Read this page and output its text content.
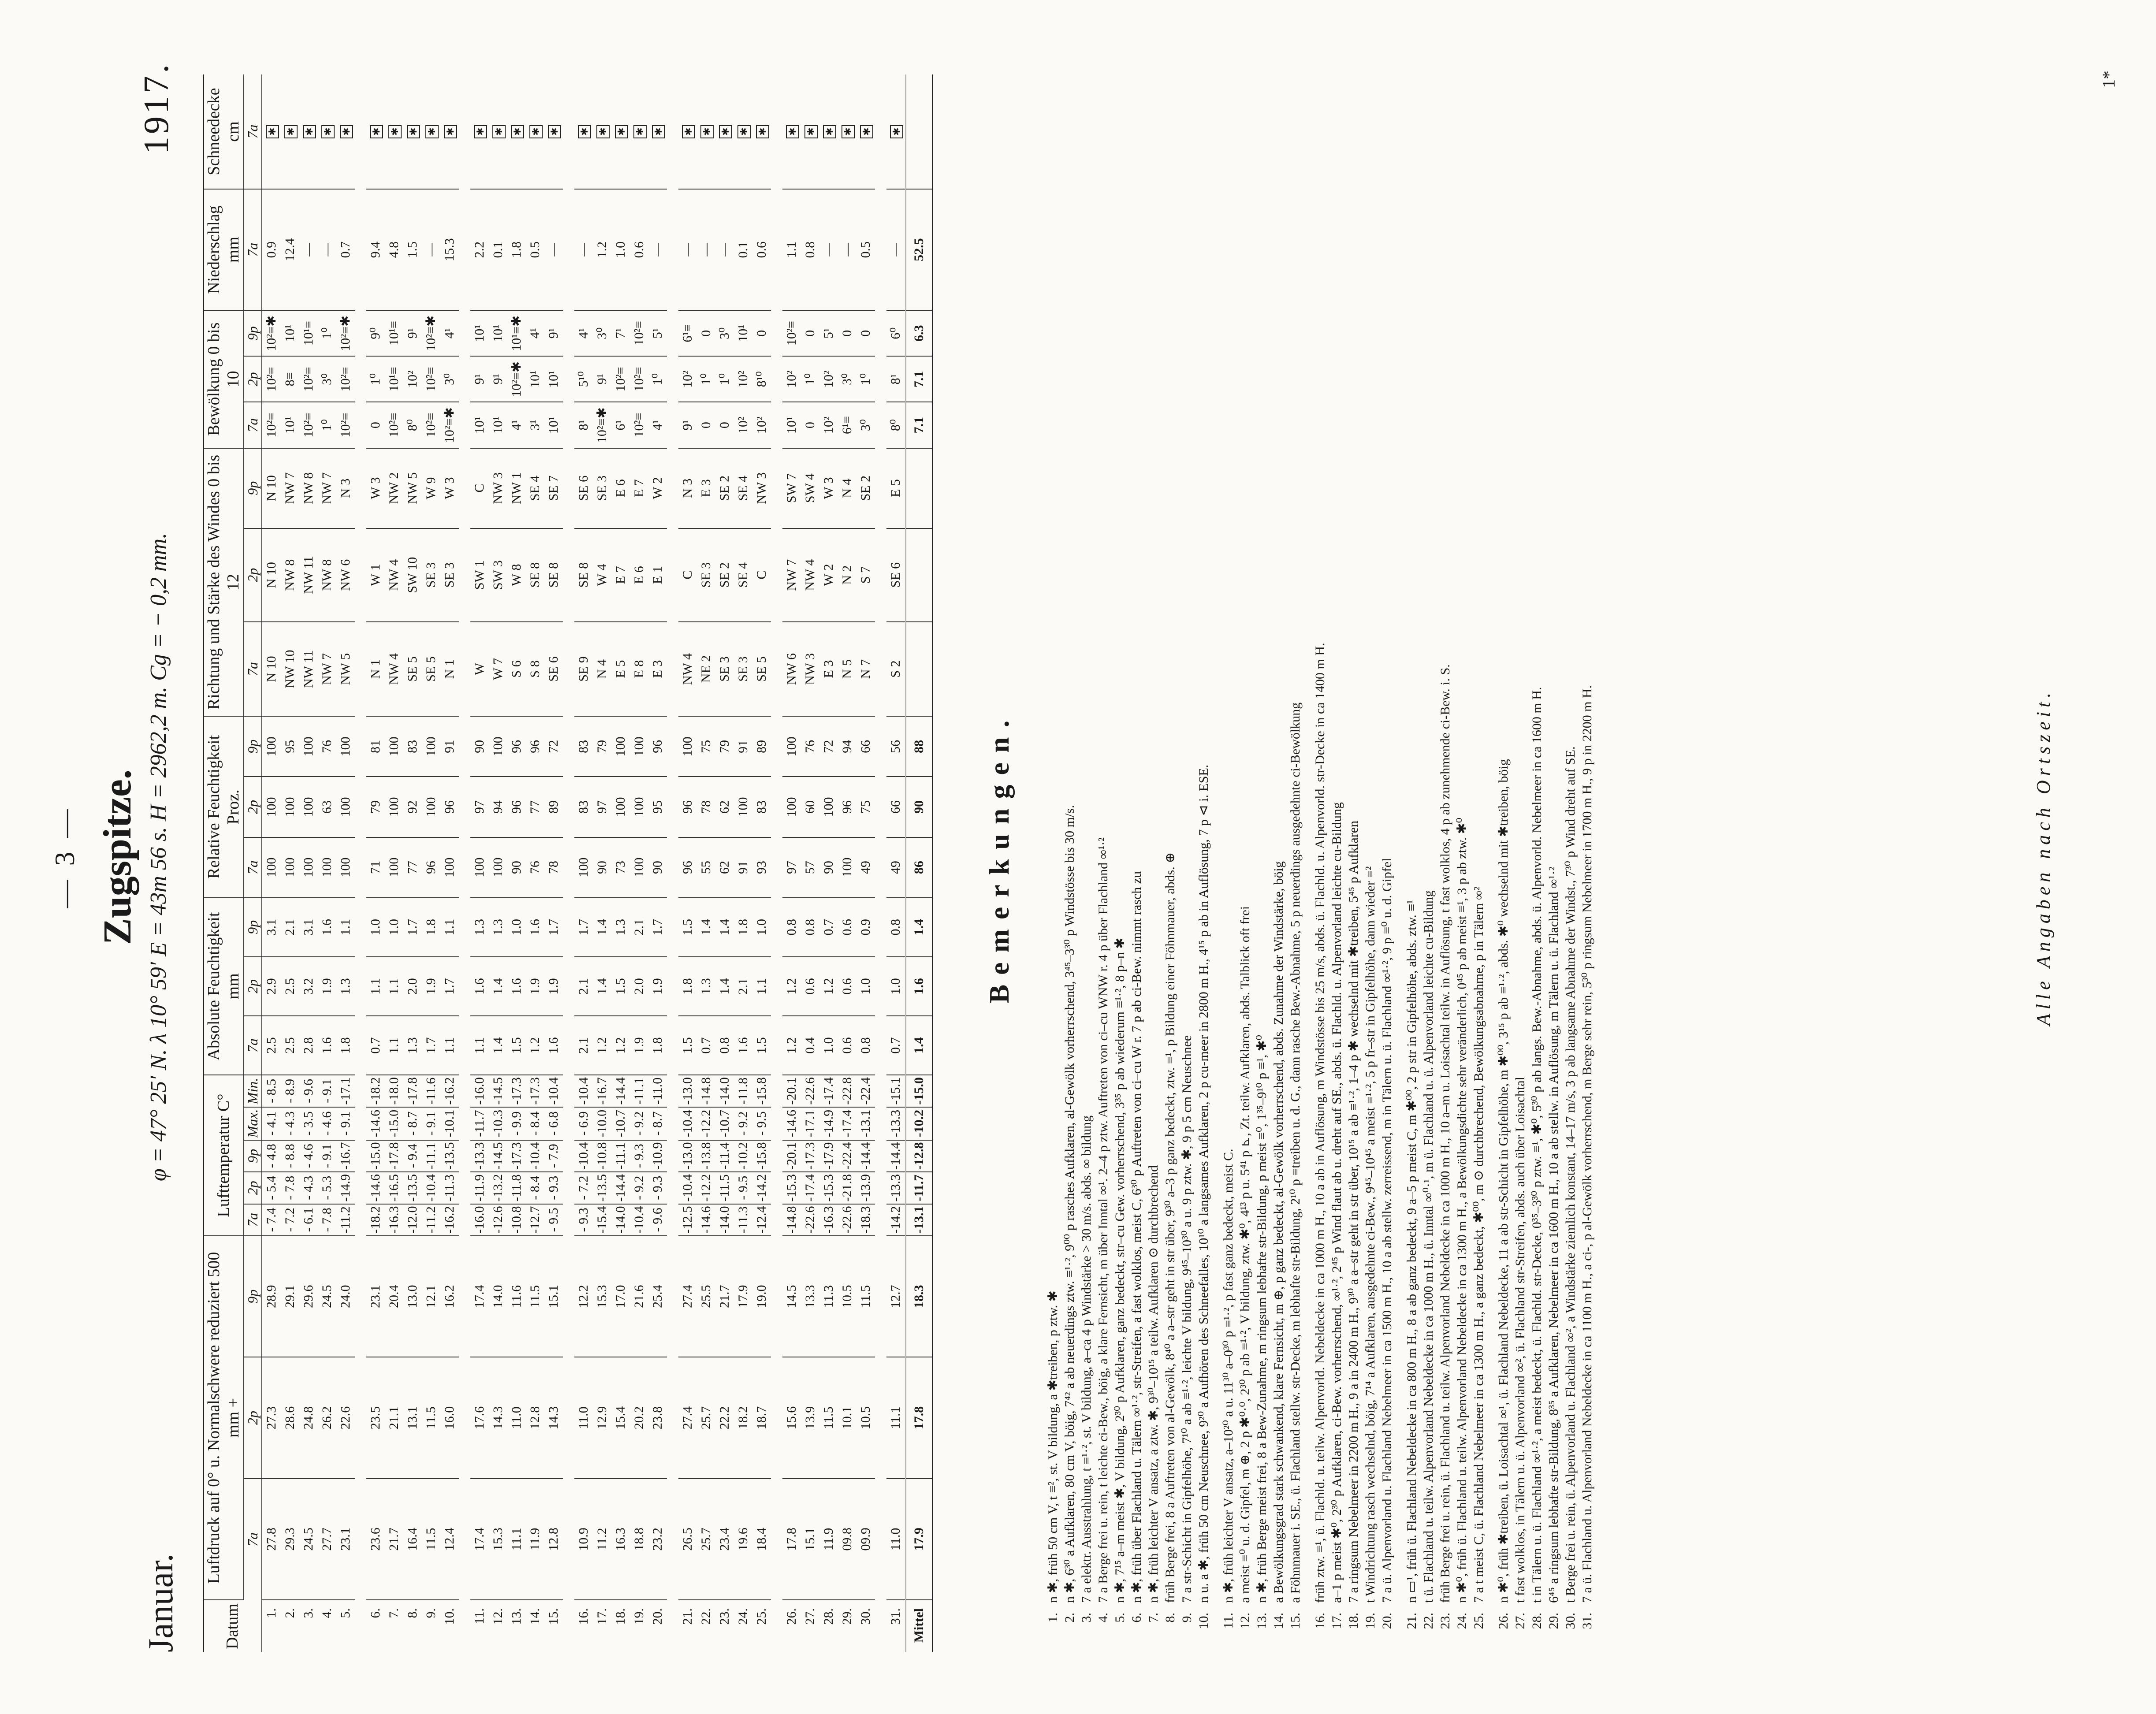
— 3 —
Januar.
Zugspitze.
1917.
φ = 47° 25′ N. λ 10° 59′ E = 43m 56 s. H = 2962,2 m. Cg = − 0,2 mm.
Datum	Luftdruck auf 0° u. Normalschwere reduziert 500 mm +			Lufttemperatur C°					Absolute Feuchtigkeit mm			Relative Feuchtigkeit Proz.			Richtung und Stärke des Windes 0 bis 12			Bewölkung 0 bis 10			Niederschlag mm	Schneedecke cm
	7a	2p	9p	7a	2p	9p	Max.	Min.	7a	2p	9p	7a	2p	9p	7a	2p	9p	7a	2p	9p	7a	7a
1.	27.8	27.3	28.9	- 7.4	- 5.4	- 4.8	- 4.1	- 8.5	2.5	2.9	3.1	100	100	100	N 10	N 10	N 10	10²≡	10²≡	10²≡✱	0.9	✱
2.	29.3	28.6	29.1	- 7.2	- 7.8	- 8.8	- 4.3	- 8.9	2.5	2.5	2.1	100	100	95	NW 10	NW 8	NW 7	10¹	8≡	10¹	12.4	✱
3.	24.5	24.8	29.6	- 6.1	- 4.3	- 4.6	- 3.5	- 9.6	2.8	3.2	3.1	100	100	100	NW 11	NW 11	NW 8	10²≡	10²≡	10¹≡	—	✱
4.	27.7	26.2	24.5	- 7.8	- 5.3	- 9.1	- 4.6	- 9.1	1.6	1.9	1.6	100	63	76	NW 7	NW 8	NW 7	1⁰	3⁰	1⁰	—	✱
5.	23.1	22.6	24.0	-11.2	-14.9	-16.7	- 9.1	-17.1	1.8	1.3	1.1	100	100	100	NW 5	NW 6	N 3	10²≡	10²≡	10²≡✱	0.7	✱

6.	23.6	23.5	23.1	-18.2	-14.6	-15.0	-14.6	-18.2	0.7	1.1	1.0	71	79	81	N 1	W 1	W 3	0	1⁰	9⁰	9.4	✱
7.	21.7	21.1	20.4	-16.3	-16.5	-17.8	-15.0	-18.0	1.1	1.1	1.0	100	100	100	NW 4	NW 4	NW 2	10²≡	10¹≡	10¹≡	4.8	✱
8.	16.4	13.1	13.0	-12.0	-13.5	- 9.4	- 8.7	-17.8	1.3	2.0	1.7	77	92	83	SE 5	SW 10	NW 5	8⁰	10²	9¹	1.5	✱
9.	11.5	11.5	12.1	-11.2	-10.4	-11.1	- 9.1	-11.6	1.7	1.9	1.8	96	100	100	SE 5	SE 3	W 9	10²≡	10²≡	10²≡✱	—	✱
10.	12.4	16.0	16.2	-16.2	-11.3	-13.5	-10.1	-16.2	1.1	1.7	1.1	100	96	91	N 1	SE 3	W 3	10²≡✱	3⁰	4¹	15.3	✱

11.	17.4	17.6	17.4	-16.0	-11.9	-13.3	-11.7	-16.0	1.1	1.6	1.3	100	97	90	W	SW 1	C	10¹	9¹	10¹	2.2	✱
12.	15.3	14.3	14.0	-12.6	-13.2	-14.5	-10.3	-14.5	1.4	1.4	1.3	100	94	100	W 7	SW 3	NW 3	10¹	9¹	10¹	0.1	✱
13.	11.1	11.0	11.6	-10.8	-11.8	-17.3	- 9.9	-17.3	1.5	1.6	1.0	90	96	96	S 6	W 8	NW 1	4¹	10²≡✱	10¹≡✱	1.8	✱
14.	11.9	12.8	11.5	-12.7	- 8.4	-10.4	- 8.4	-17.3	1.2	1.9	1.6	76	77	96	S 8	SE 8	SE 4	3¹	10¹	4¹	0.5	✱
15.	12.8	14.3	15.1	- 9.5	- 9.3	- 7.9	- 6.8	-10.4	1.6	1.9	1.7	78	89	72	SE 6	SE 8	SE 7	10¹	10¹	9¹	—	✱

16.	10.9	11.0	12.2	- 9.3	- 7.2	-10.4	- 6.9	-10.4	2.1	2.1	1.7	100	83	83	SE 9	SE 8	SE 6	8¹	5¹⁰	4¹	—	✱
17.	11.2	12.9	15.3	-15.4	-13.5	-10.8	-10.0	-16.7	1.2	1.4	1.4	90	97	79	N 4	W 4	SE 3	10²≡✱	9¹	3⁰	1.2	✱
18.	16.3	15.4	17.0	-14.0	-14.4	-11.1	-10.7	-14.4	1.2	1.5	1.3	73	100	100	E 5	E 7	E 6	6¹	10²≡	7¹	1.0	✱
19.	18.8	20.2	21.6	-10.4	- 9.2	- 9.3	- 9.2	-11.1	1.9	2.0	2.1	100	100	100	E 8	E 6	E 7	10²≡	10²≡	10²≡	0.6	✱
20.	23.2	23.8	25.4	- 9.6	- 9.3	-10.9	- 8.7	-11.0	1.8	1.9	1.7	90	95	96	E 3	E 1	W 2	4¹	1⁰	5¹	—	✱

21.	26.5	27.4	27.4	-12.5	-10.4	-13.0	-10.4	-13.0	1.5	1.8	1.5	96	96	100	NW 4	C	N 3	9¹	10²	6¹≡	—	✱
22.	25.7	25.7	25.5	-14.6	-12.2	-13.8	-12.2	-14.8	0.7	1.3	1.4	55	78	75	NE 2	SE 3	E 3	0	1⁰	0	—	✱
23.	23.4	22.2	21.7	-14.0	-11.5	-11.4	-10.7	-14.0	0.8	1.4	1.4	62	62	79	SE 3	SE 2	SE 2	0	1⁰	3⁰	—	✱
24.	19.6	18.2	17.9	-11.3	- 9.5	-10.2	- 9.2	-11.8	1.6	2.1	1.8	91	100	91	SE 3	SE 4	SE 4	10²	10²	10¹	0.1	✱
25.	18.4	18.7	19.0	-12.4	-14.2	-15.8	- 9.5	-15.8	1.5	1.1	1.0	93	83	89	SE 5	C	NW 3	10²	8¹⁰	0	0.6	✱

26.	17.8	15.6	14.5	-14.8	-15.3	-20.1	-14.6	-20.1	1.2	1.2	0.8	97	100	100	NW 6	NW 7	SW 7	10¹	10²	10²≡	1.1	✱
27.	15.1	13.9	13.3	-22.6	-17.4	-17.3	-17.1	-22.6	0.4	0.6	0.8	57	60	76	NW 3	NW 4	SW 4	0	1⁰	0	0.8	✱
28.	11.9	11.5	11.3	-16.3	-15.3	-17.9	-14.9	-17.4	1.0	1.2	0.7	90	100	72	E 3	W 2	W 3	10²	10²	5¹	—	✱
29.	09.8	10.1	10.5	-22.6	-21.8	-22.4	-17.4	-22.8	0.6	0.6	0.6	100	96	94	N 5	N 2	N 4	6¹≡	3⁰	0	—	✱
30.	09.9	10.5	11.5	-18.3	-13.9	-14.4	-13.1	-22.4	0.8	1.0	0.9	49	75	66	N 7	S 7	SE 2	3⁰	1⁰	0	0.5	✱

31.	11.0	11.1	12.7	-14.2	-13.3	-14.4	-13.3	-15.1	0.7	1.0	0.8	49	66	56	S 2	SE 6	E 5	8⁰	8¹	6⁰	—	✱
Mittel	17.9	17.8	18.3	-13.1	-11.7	-12.8	-10.2	-15.0	1.4	1.6	1.4	86	90	88				7.1	7.1	6.3	52.5	
Bemerkungen.
1.
n ✱, früh 50 cm V, t ≡², st. V bildung, a ✱treiben, p ztw. ✱
2.
n ✱, 6³⁰ a Aufklaren, 80 cm V, böig, 7⁴² a ab neuerdings ztw. ≡¹·², 9⁰⁰ p rasches Aufklaren, al-Gewölk vorherrschend, 3⁴⁵–3³⁰ p Windstösse bis 30 m/s.
3.
7 a elektr. Ausstrahlung, t ≡¹·², st. V bildung, a–ca 4 p Windstärke > 30 m/s. abds. ∞ bildung
4.
7 a Berge frei u. rein, t leichte ci-Bew., böig, a klare Fernsicht, m über Inntal ∞¹. 2–4 p ztw. Auftreten von ci–cu WNW r. 4 p über Flachland ∞¹·²
5.
n ✱, 7¹⁵ a–m meist ✱, V bildung, 2³⁰ p Aufklaren, ganz bedeckt, str–cu Gew. vorherrschend, 3³⁵ p ab wiederum ≡¹·², 8 p–n ✱
6.
n ✱, früh über Flachland u. Tälern ∞¹·², str-Streifen, a fast wolklos, meist C, 6³⁰ p Auftreten von ci–cu W r. 7 p ab ci-Bew. nimmt rasch zu
7.
n ✱, früh leichter V ansatz, a ztw. ✱, 9³⁰–10¹⁵ a teilw. Aufklaren ⊙ durchbrechend
8.
früh Berge frei, 8 a Auftreten von al-Gewölk, 8⁴⁰ a a–str geht in str über, 9³⁰ a–3 p ganz bedeckt, ztw. ≡¹, p Bildung einer Föhnmauer, abds. ⊕
9.
7 a str-Schicht in Gipfelhöhe, 7¹⁰ a ab ≡¹·², leichte V bildung, 9⁴⁵–10³⁰ a u. 9 p ztw. ✱, 9 p 5 cm Neuschnee
10.
n u. a ✱, früh 50 cm Neuschnee, 9²⁰ a Aufhören des Schneefalles, 10¹⁰ a langsames Aufklaren, 2 p cu-meer in 2800 m H., 4¹⁵ p ab in Auflösung, 7 p ⊲ i. ESE.
11.
n ✱, früh leichter V ansatz, a–10²⁰ a u. 11³⁰ a–0³⁰ p ≡¹·², p fast ganz bedeckt, meist C.
12.
a meist ≡⁰ u. d. Gipfel, m ⊕, 2 p ✱⁰·⁰, 2³⁰ p ab ≡¹·², V bildung, ztw. ✱⁰, 4¹³ p u. 5⁴¹ p ⊾, Zt. teilw. Aufklaren, abds. Talblick oft frei
13.
n ✱, früh Berge meist frei, 8 a Bew-Zunahme, m ringsum lebhafte str-Bildung, p meist ≡⁰, 1³⁵–9¹⁰ p ≡¹, ✱⁰
14.
a Bewölkungsgrad stark schwankend, klare Fernsicht, m ⊕, p ganz bedeckt, al-Gewölk vorherrschend, abds. Zunahme der Windstärke, böig
15.
a Föhnmauer i. SE., ü. Flachland stellw. str-Decke, m lebhafte str-Bildung, 2¹⁰ p ≡treiben u. d. G., dann rasche Bew.-Abnahme, 5 p neuerdings ausgedehnte ci-Bewölkung
16.
früh ztw. ≡¹, ü. Flachld. u. teilw. Alpenvorld. Nebeldecke in ca 1000 m H., 10 a ab in Auflösung, m Windstösse bis 25 m/s, abds. ü. Flachld. u. Alpenvorld. str-Decke in ca 1400 m H.
17.
a–1 p meist ✱⁰, 2³⁰ p Aufklaren, ci-Bew. vorherrschend, ∞¹·², 2⁴⁵ p Wind flaut ab u. dreht auf SE., abds. ü. Flachld. u. Alpenvorland leichte cu-Bildung
18.
7 a ringsum Nebelmeer in 2200 m H., 9 a in 2400 m H., 9³⁰ a a–str geht in str über, 10¹⁵ a ab ≡¹·², 1–4 p ✱ wechselnd mit ✱treiben, 5⁴⁵ p Aufklaren
19.
t Windrichtung rasch wechselnd, böig, 7¹⁴ a Aufklaren, ausgedehnte ci-Bew., 9⁴⁵–10⁴⁵ a meist ≡¹·², 5 p fr–str in Gipfelhöhe, dann wieder ≡²
20.
7 a ü. Alpenvorland u. Flachland Nebelmeer in ca 1500 m H., 10 a ab stellw. zerreissend, m in Tälern u. ü. Flachland ∞¹·², 9 p ≡⁰ u. d. Gipfel
21.
n ▭¹, früh ü. Flachland Nebeldecke in ca 800 m H., 8 a ab ganz bedeckt, 9 a–5 p meist C, m ✱⁰⁰, 2 p str in Gipfelhöhe, abds. ztw. ≡¹
22.
t ü. Flachland u. teilw. Alpenvorland Nebeldecke in ca 1000 m H., ü. Inntal ∞⁰·¹, m ü. Flachland u. ü. Alpenvorland leichte cu-Bildung
23.
früh Berge frei u. rein, ü. Flachland u. teilw. Alpenvorland Nebeldecke in ca 1000 m H., 10 a–m u. Loisachtal teilw. in Auflösung, t fast wolklos, 4 p ab zunehmende ci-Bew. i. S.
24.
n ✱⁰, früh ü. Flachland u. teilw. Alpenvorland Nebeldecke in ca 1300 m H., a Bewölkungsdichte sehr veränderlich, 0⁴⁵ p ab meist ≡¹, 3 p ab ztw. ✱⁰
25.
7 a t meist C, ü. Flachland Nebelmeer in ca 1300 m H., a ganz bedeckt, ✱⁰⁰, m ⊙ durchbrechend, Bewölkungsabnahme, p in Tälern ∞²
26.
n ✱⁰, früh ✱treiben, ü. Loisachtal ∞¹, ü. Flachland Nebeldecke, 11 a ab str-Schicht in Gipfelhöhe, m ✱⁰⁰, 3¹⁵ p ab ≡¹·², abds. ✱⁰ wechselnd mit ✱treiben, böig
27.
t fast wolklos, in Tälern u. ü. Alpenvorland ∞², ü. Flachland str-Streifen, abds. auch über Loisachtal
28.
t in Tälern u. ü. Flachland ∞¹·², a meist bedeckt, ü. Flachld. str-Decke, 0³⁵–3³⁰ p ztw. ≡¹, ✱⁰, 5³⁰ p ab langs. Bew.-Abnahme, abds. ü. Alpenvorld. Nebelmeer in ca 1600 m H.
29.
6⁴⁵ a ringsum lebhafte str-Bildung, 8³⁵ a Aufklaren, Nebelmeer in ca 1600 m H., 10 a ab stellw. in Auflösung, m Tälern u. ü. Flachland ∞¹·²
30.
t Berge frei u. rein, ü. Alpenvorland u. Flachland ∞², a Windstärke ziemlich konstant, 14–17 m/s, 3 p ab langsame Abnahme der Windst., 7³⁰ p Wind dreht auf SE.
31.
7 a ü. Flachland u. Alpenvorland Nebeldecke in ca 1100 m H., a ci-, p al-Gewölk vorherrschend, m Berge sehr rein, 5³⁰ p ringsum Nebelmeer in 1700 m H., 9 p in 2200 m H.	Alle Angaben nach Ortszeit.
1*
